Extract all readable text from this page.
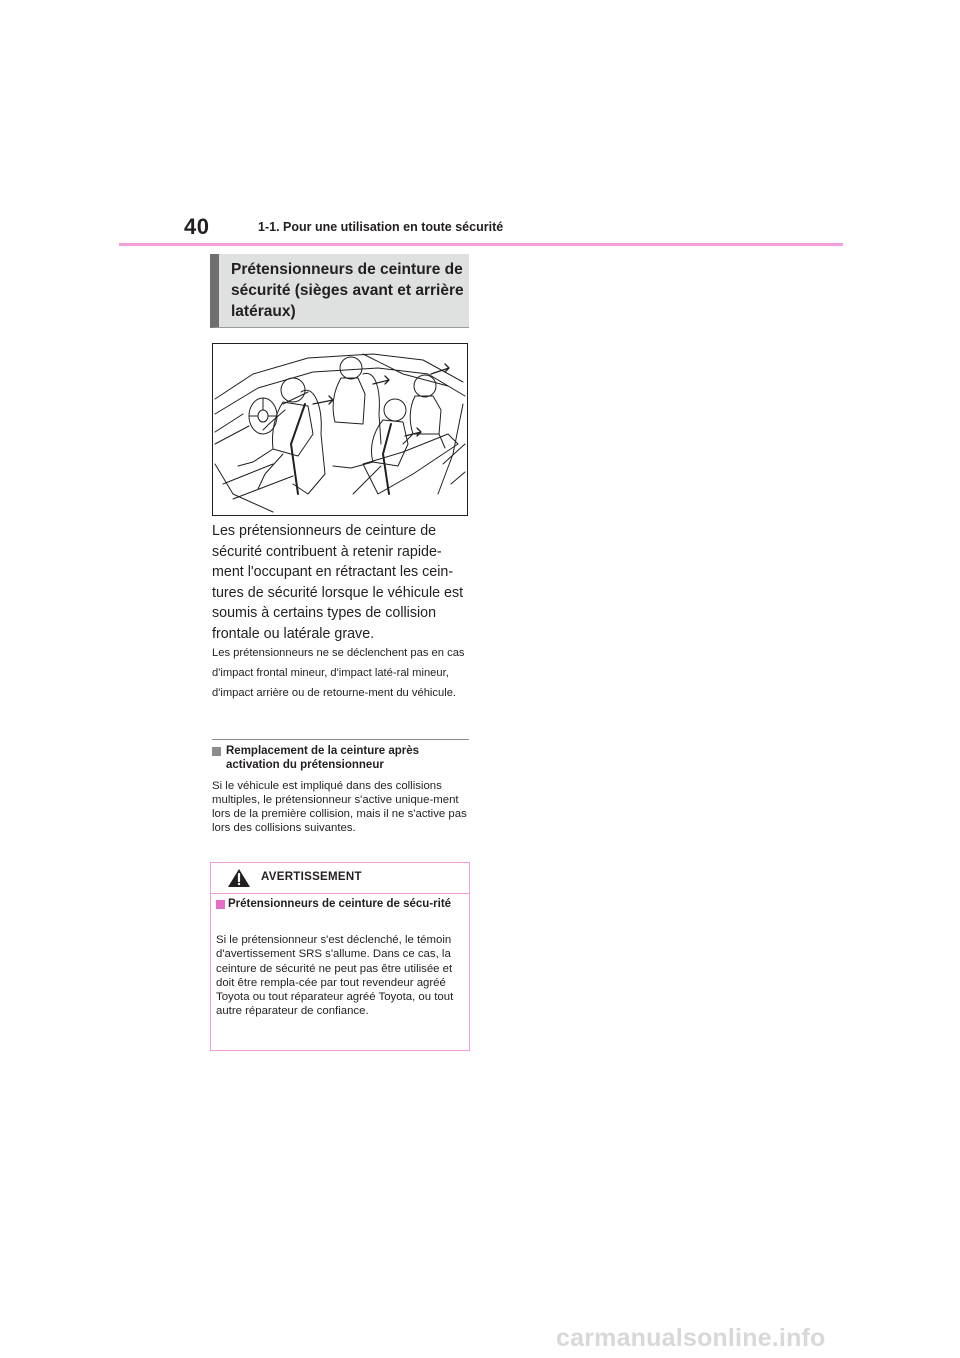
40	1-1. Pour une utilisation en toute sécurité
Prétensionneurs de ceinture de sécurité (sièges avant et arrière latéraux)
Les prétensionneurs de ceinture de sécurité contribuent à retenir rapide-ment l'occupant en rétractant les cein-tures de sécurité lorsque le véhicule est soumis à certains types de collision frontale ou latérale grave.
Les prétensionneurs ne se déclenchent pas en cas d'impact frontal mineur, d'impact laté-ral mineur, d'impact arrière ou de retourne-ment du véhicule.
Remplacement de la ceinture après activation du prétensionneur
Si le véhicule est impliqué dans des collisions multiples, le prétensionneur s'active unique-ment lors de la première collision, mais il ne s'active pas lors des collisions suivantes.
AVERTISSEMENT
Prétensionneurs de ceinture de sécu-rité
Si le prétensionneur s'est déclenché, le témoin d'avertissement SRS s'allume. Dans ce cas, la ceinture de sécurité ne peut pas être utilisée et doit être rempla-cée par tout revendeur agréé Toyota ou tout réparateur agréé Toyota, ou tout autre réparateur de confiance.
carmanualsonline.info
